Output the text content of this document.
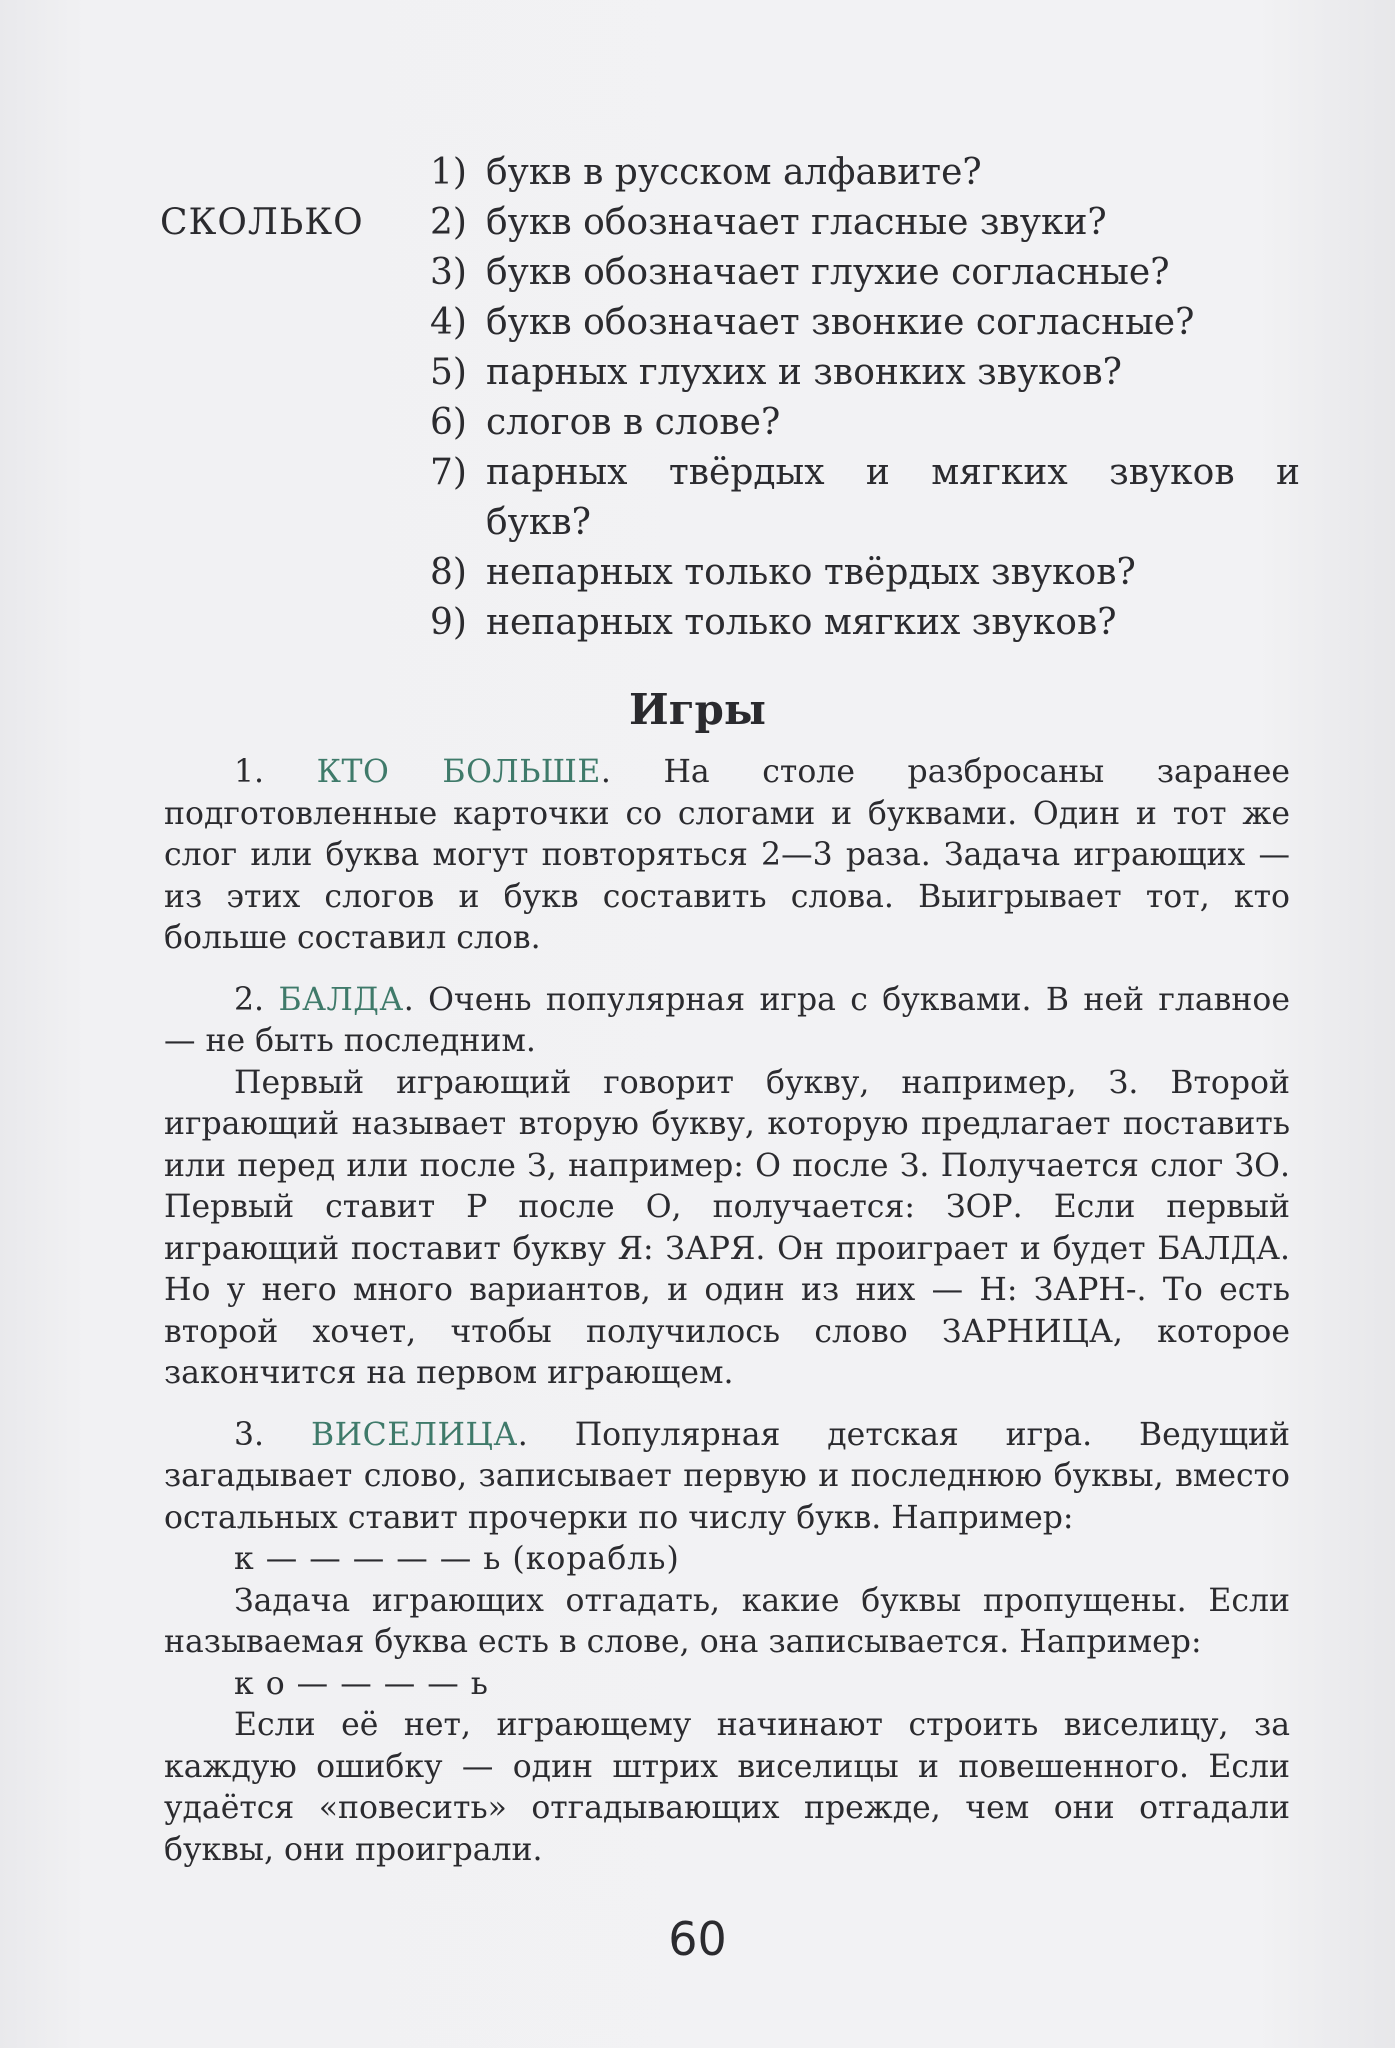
СКОЛЬКО
1) букв в русском алфавите?
2) букв обозначает гласные звуки?
3) букв обозначает глухие согласные?
4) букв обозначает звонкие согласные?
5) парных глухих и звонких звуков?
6) слогов в слове?
7) парных твёрдых и мягких звуков и букв?
8) непарных только твёрдых звуков?
9) непарных только мягких звуков?
Игры

1. КТО БОЛЬШЕ. На столе разбросаны заранее подготовленные карточки со слогами и буквами. Один и тот же слог или буква могут повторяться 2—3 раза. Задача играющих — из этих слогов и букв составить слова. Выигрывает тот, кто больше составил слов.

2. БАЛДА. Очень популярная игра с буквами. В ней главное — не быть последним.

Первый играющий говорит букву, например, З. Второй играющий называет вторую букву, которую предлагает поставить или перед или после З, например: О после З. Получается слог ЗО. Первый ставит Р после О, получается: ЗОР. Если первый играющий поставит букву Я: ЗАРЯ. Он проиграет и будет БАЛДА. Но у него много вариантов, и один из них — Н: ЗАРН-. То есть второй хочет, чтобы получилось слово ЗАРНИЦА, которое закончится на первом играющем.

3. ВИСЕЛИЦА. Популярная детская игра. Ведущий загадывает слово, записывает первую и последнюю буквы, вместо остальных ставит прочерки по числу букв. Например:

к — — — — — ь (корабль)

Задача играющих отгадать, какие буквы пропущены. Если называемая буква есть в слове, она записывается. Например:

к о — — — — ь

Если её нет, играющему начинают строить виселицу, за каждую ошибку — один штрих виселицы и повешенного. Если удаётся «повесить» отгадывающих прежде, чем они отгадали буквы, они проиграли.

60
